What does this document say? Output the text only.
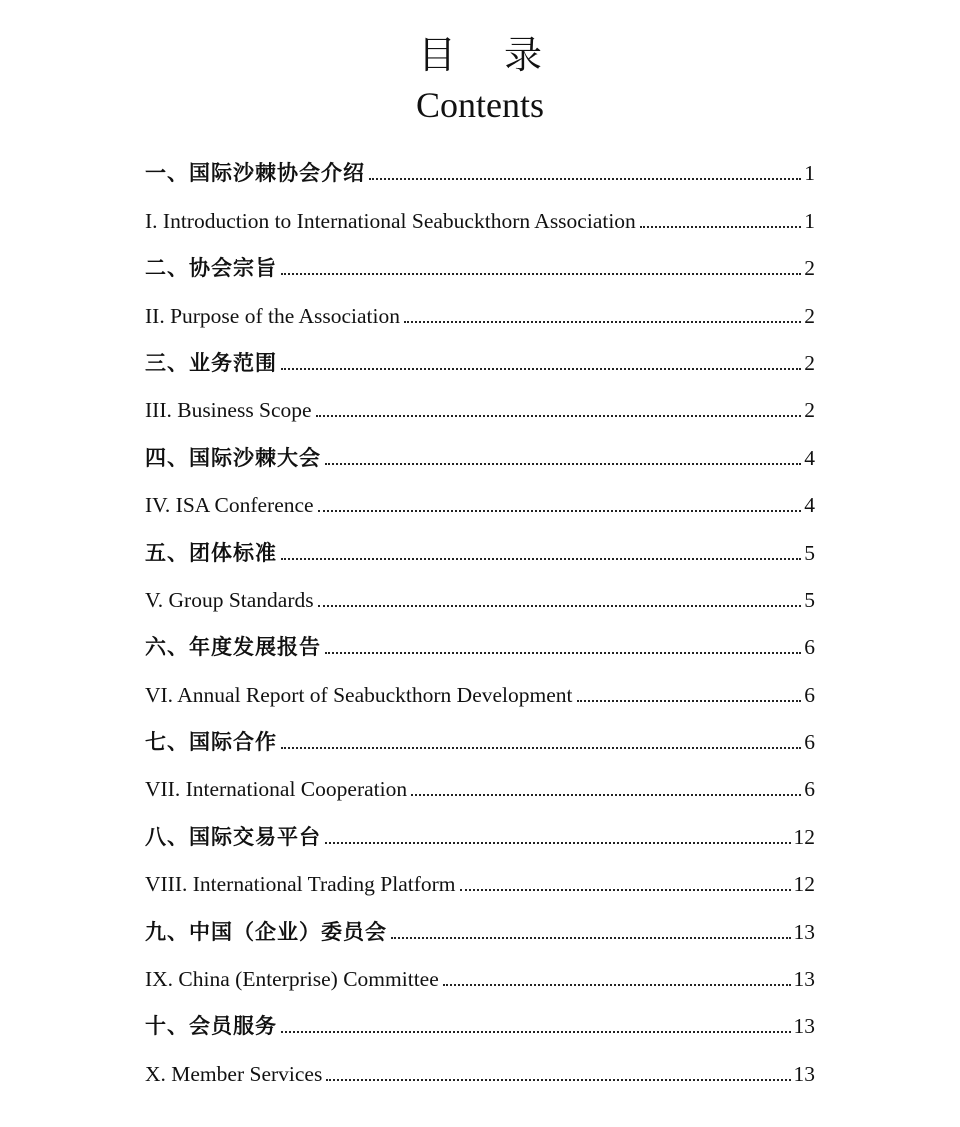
目 录
Contents
一、国际沙棘协会介绍	1
I. Introduction to International Seabuckthorn Association	1
二、协会宗旨	2
II. Purpose of the Association	2
三、业务范围	2
III. Business Scope	2
四、国际沙棘大会	4
IV. ISA Conference	4
五、团体标准	5
V. Group Standards	5
六、年度发展报告	6
VI. Annual Report of Seabuckthorn Development	6
七、国际合作	6
VII. International Cooperation	6
八、国际交易平台	12
VIII. International Trading Platform	12
九、中国（企业）委员会	13
IX. China (Enterprise) Committee	13
十、会员服务	13
X. Member Services	13
